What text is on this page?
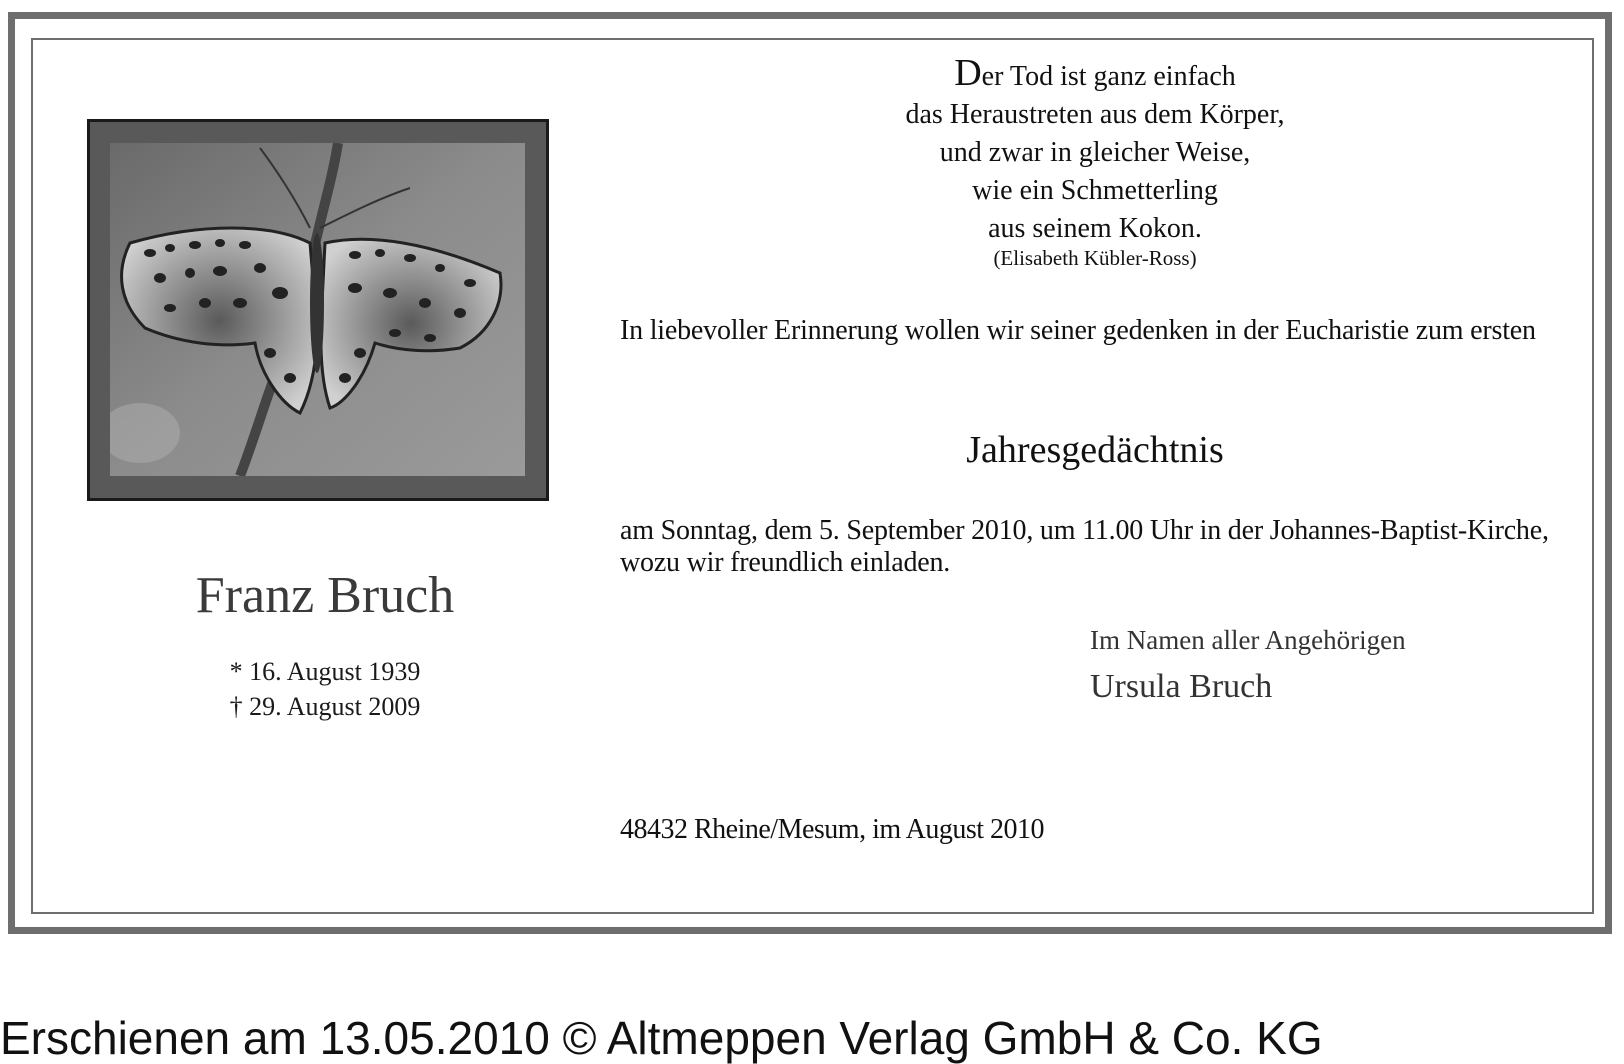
Franz Bruch
* 16. August 1939
† 29. August 2009
Der Tod ist ganz einfach
das Heraustreten aus dem Körper,
und zwar in gleicher Weise,
wie ein Schmetterling
aus seinem Kokon.
(Elisabeth Kübler-Ross)
In liebevoller Erinnerung wollen wir seiner gedenken in der Eucharistie zum ersten
Jahresgedächtnis
am Sonntag, dem 5. September 2010, um 11.00 Uhr in der Johannes-Baptist-Kirche, wozu wir freundlich einladen.
Im Namen aller Angehörigen
Ursula Bruch
48432 Rheine/Mesum, im August 2010
Erschienen am 13.05.2010 © Altmeppen Verlag GmbH & Co. KG
